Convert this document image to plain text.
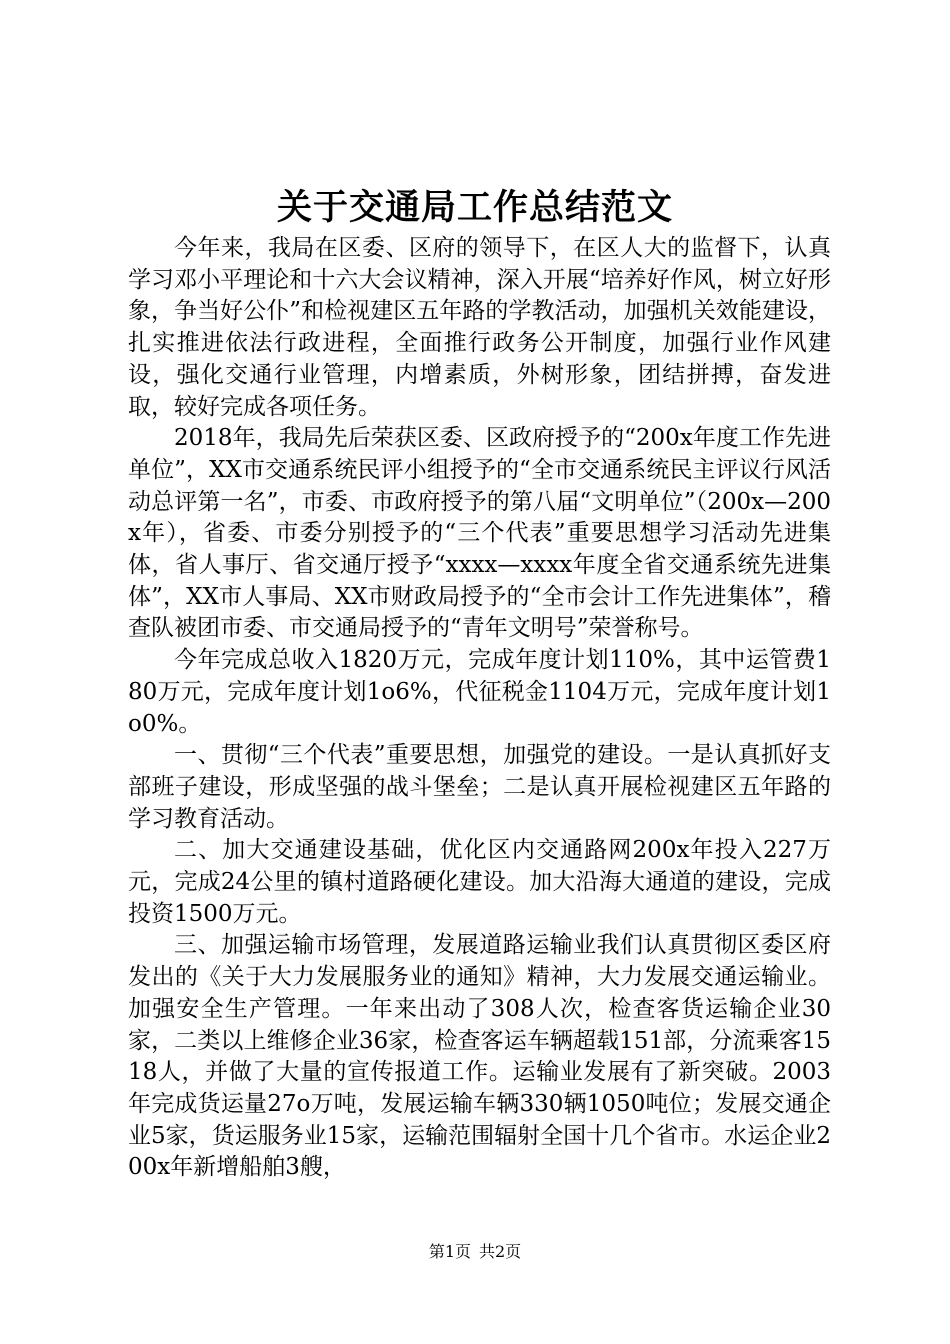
关于交通局工作总结范文

今年来，我局在区委、区府的领导下，在区人大的监督下，认真学习邓小平理论和十六大会议精神，深入开展“培养好作风，树立好形象，争当好公仆”和检视建区五年路的学教活动，加强机关效能建设，扎实推进依法行政进程，全面推行政务公开制度，加强行业作风建设，强化交通行业管理，内增素质，外树形象，团结拼搏，奋发进取，较好完成各项任务。

2018年，我局先后荣获区委、区政府授予的“200x年度工作先进单位”，XX市交通系统民评小组授予的“全市交通系统民主评议行风活动总评第一名”，市委、市政府授予的第八届“文明单位”（200x—200x年），省委、市委分别授予的“三个代表”重要思想学习活动先进集体，省人事厅、省交通厅授予“xxxx—xxxx年度全省交通系统先进集体”，XX市人事局、XX市财政局授予的“全市会计工作先进集体”，稽查队被团市委、市交通局授予的“青年文明号”荣誉称号。

今年完成总收入1820万元，完成年度计划110%，其中运管费180万元，完成年度计划1o6%，代征税金1104万元，完成年度计划1o0%。

一、贯彻“三个代表”重要思想，加强党的建设。一是认真抓好支部班子建设，形成坚强的战斗堡垒；二是认真开展检视建区五年路的学习教育活动。

二、加大交通建设基础，优化区内交通路网200x年投入227万元，完成24公里的镇村道路硬化建设。加大沿海大通道的建设，完成投资1500万元。

三、加强运输市场管理，发展道路运输业我们认真贯彻区委区府发出的《关于大力发展服务业的通知》精神，大力发展交通运输业。加强安全生产管理。一年来出动了308人次，检查客货运输企业30家，二类以上维修企业36家，检查客运车辆超载151部，分流乘客1518人，并做了大量的宣传报道工作。运输业发展有了新突破。2003年完成货运量27o万吨，发展运输车辆330辆1050吨位；发展交通企业5家，货运服务业15家，运输范围辐射全国十几个省市。水运企业200x年新增船舶3艘，

第1页 共2页
